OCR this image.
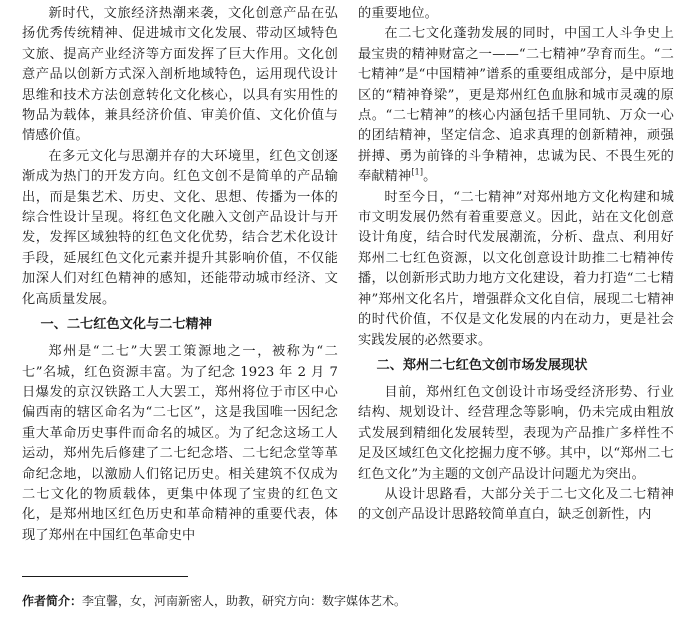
新时代，文旅经济热潮来袭，文化创意产品在弘扬优秀传统精神、促进城市文化发展、带动区域特色文旅、提高产业经济等方面发挥了巨大作用。文化创意产品以创新方式深入剖析地域特色，运用现代设计思维和技术方法创意转化文化核心，以具有实用性的物品为载体，兼具经济价值、审美价值、文化价值与情感价值。

在多元文化与思潮并存的大环境里，红色文创逐渐成为热门的开发方向。红色文创不是简单的产品输出，而是集艺术、历史、文化、思想、传播为一体的综合性设计呈现。将红色文化融入文创产品设计与开发，发挥区域独特的红色文化优势，结合艺术化设计手段，延展红色文化元素并提升其影响价值，不仅能加深人们对红色精神的感知，还能带动城市经济、文化高质量发展。

一、二七红色文化与二七精神

郑州是“二七”大罢工策源地之一，被称为“二七”名城，红色资源丰富。为了纪念 1923 年 2 月 7 日爆发的京汉铁路工人大罢工，郑州将位于市区中心偏西南的辖区命名为“二七区”，这是我国唯一因纪念重大革命历史事件而命名的城区。为了纪念这场工人运动，郑州先后修建了二七纪念塔、二七纪念堂等革命纪念地，以激励人们铭记历史。相关建筑不仅成为二七文化的物质载体，更集中体现了宝贵的红色文化，是郑州地区红色历史和革命精神的重要代表，体现了郑州在中国红色革命史中

的重要地位。

在二七文化蓬勃发展的同时，中国工人斗争史上最宝贵的精神财富之一——“二七精神”孕育而生。“二七精神”是“中国精神”谱系的重要组成部分，是中原地区的“精神脊梁”，更是郑州红色血脉和城市灵魂的原点。“二七精神”的核心内涵包括千里同轨、万众一心的团结精神，坚定信念、追求真理的创新精神，顽强拼搏、勇为前锋的斗争精神，忠诚为民、不畏生死的奉献精神[1]。

时至今日，“二七精神”对郑州地方文化构建和城市文明发展仍然有着重要意义。因此，站在文化创意设计角度，结合时代发展潮流，分析、盘点、利用好郑州二七红色资源，以文化创意设计助推二七精神传播，以创新形式助力地方文化建设，着力打造“二七精神”郑州文化名片，增强群众文化自信，展现二七精神的时代价值，不仅是文化发展的内在动力，更是社会实践发展的必然要求。

二、郑州二七红色文创市场发展现状

目前，郑州红色文创设计市场受经济形势、行业结构、规划设计、经营理念等影响，仍未完成由粗放式发展到精细化发展转型，表现为产品推广多样性不足及区域红色文化挖掘力度不够。其中，以“郑州二七红色文化”为主题的文创产品设计问题尤为突出。

从设计思路看，大部分关于二七文化及二七精神的文创产品设计思路较简单直白，缺乏创新性，内

作者简介：李宜馨，女，河南新密人，助教，研究方向：数字媒体艺术。
